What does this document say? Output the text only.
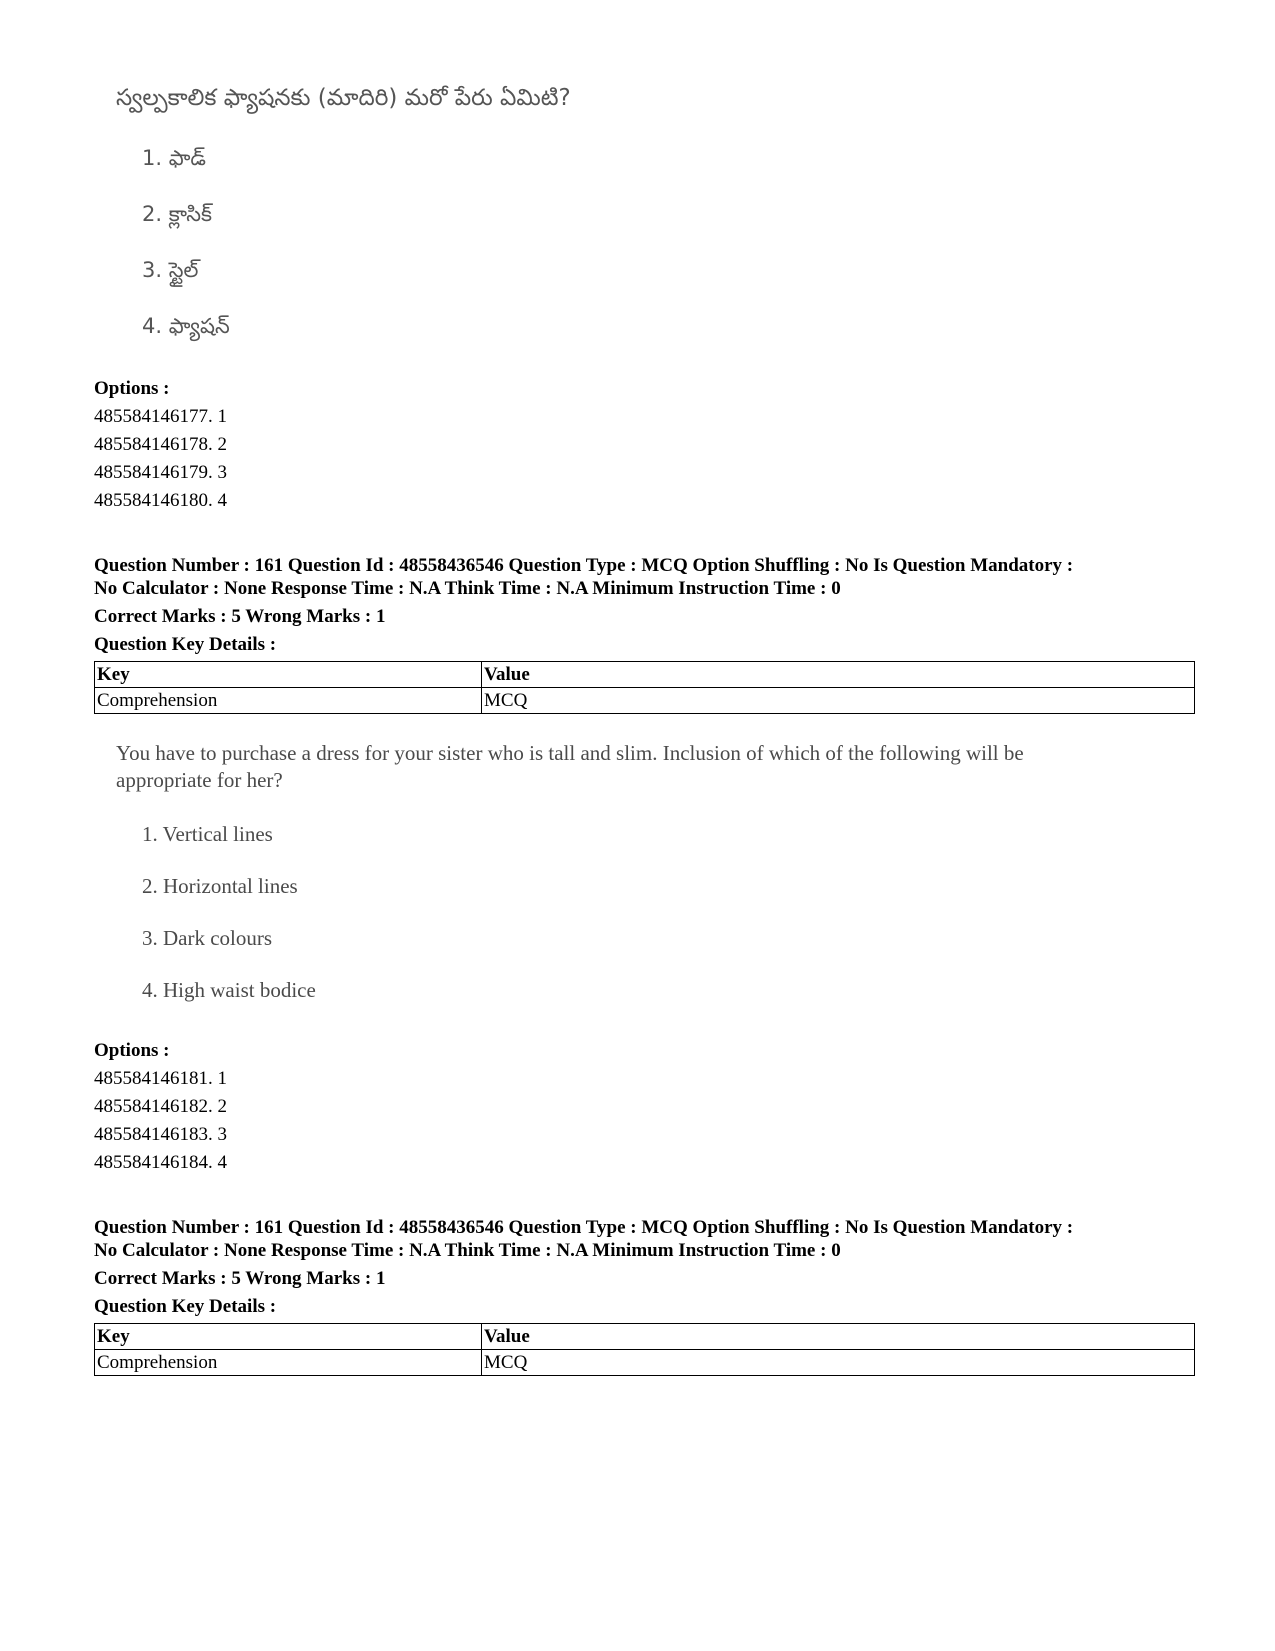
స్వల్పకాలిక ఫ్యాషనకు (మాదిరి) మరో పేరు ఏమిటి?

1. ఫాడ్
2. క్లాసిక్
3. స్టైల్
4. ఫ్యాషన్
Options :
485584146177. 1
485584146178. 2
485584146179. 3
485584146180. 4
Question Number : 161 Question Id : 48558436546 Question Type : MCQ Option Shuffling : No Is Question Mandatory :
No Calculator : None Response Time : N.A Think Time : N.A Minimum Instruction Time : 0
Correct Marks : 5 Wrong Marks : 1
Question Key Details :
Key	Value
Comprehension	MCQ

You have to purchase a dress for your sister who is tall and slim. Inclusion of which of the following will be

appropriate for her?

1. Vertical lines
2. Horizontal lines
3. Dark colours
4. High waist bodice
Options :
485584146181. 1
485584146182. 2
485584146183. 3
485584146184. 4
Question Number : 161 Question Id : 48558436546 Question Type : MCQ Option Shuffling : No Is Question Mandatory :
No Calculator : None Response Time : N.A Think Time : N.A Minimum Instruction Time : 0
Correct Marks : 5 Wrong Marks : 1
Question Key Details :
Key	Value
Comprehension	MCQ
